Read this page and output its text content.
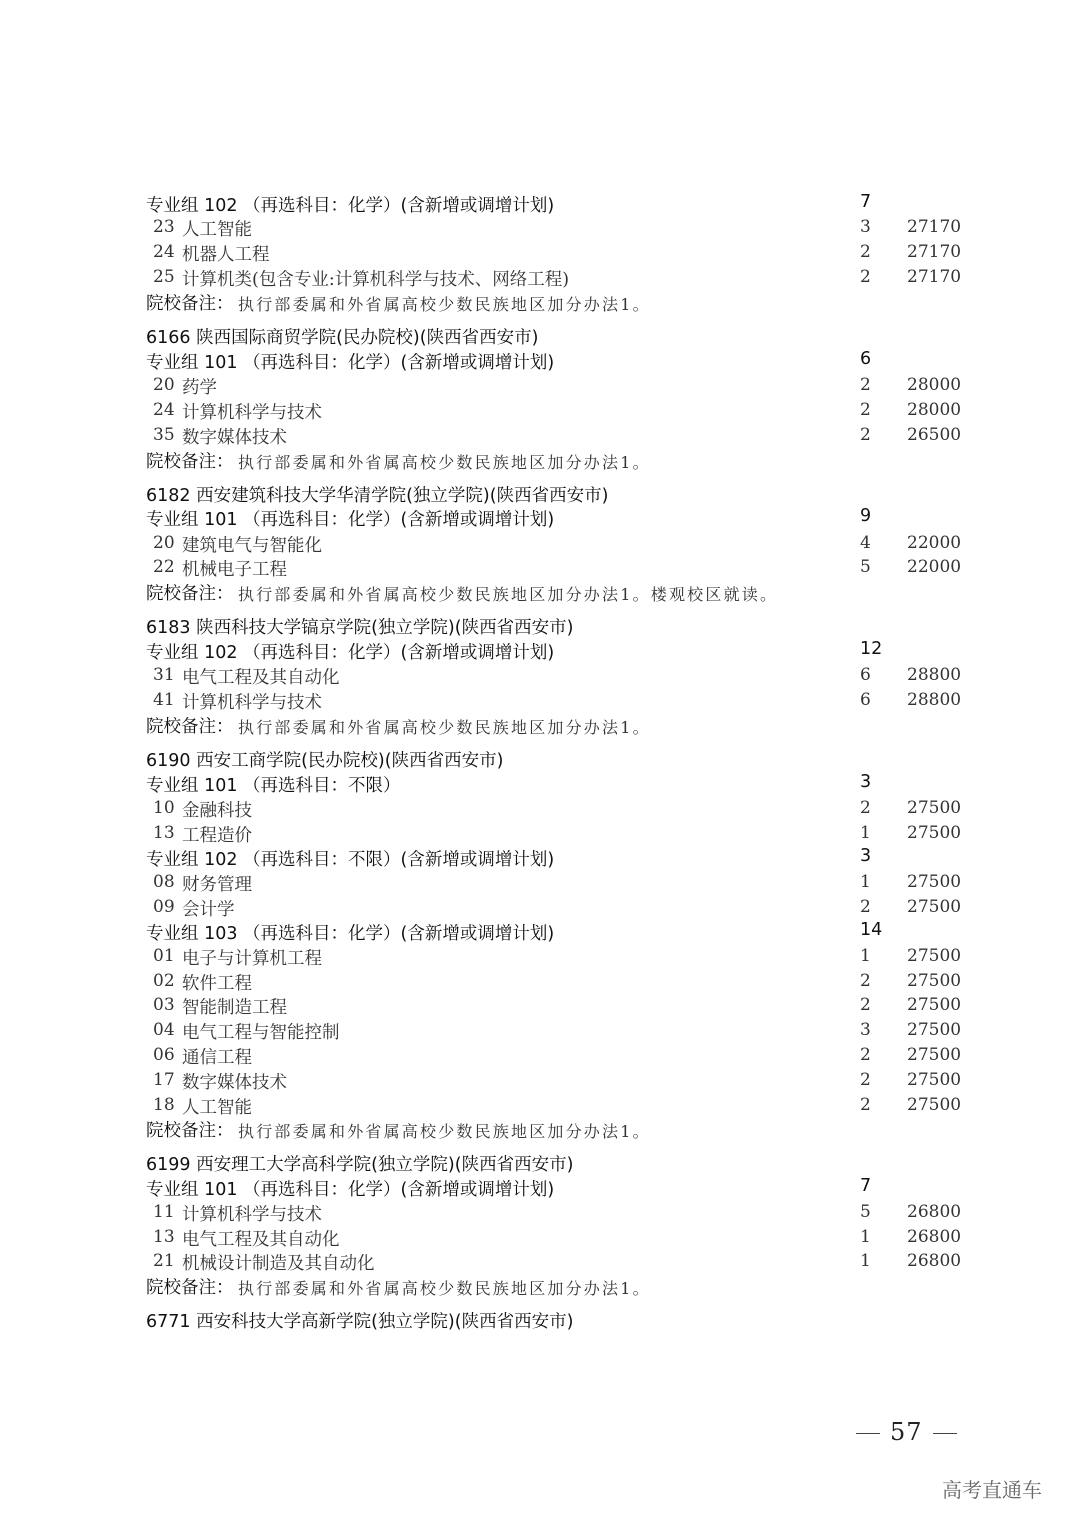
专业组 102 （再选科目：化学）(含新增或调增计划)	7
23 人工智能	3 27170
24 机器人工程	2 27170
25 计算机类(包含专业:计算机科学与技术、网络工程)	2 27170
院校备注： 执行部委属和外省属高校少数民族地区加分办法1。
6166 陕西国际商贸学院(民办院校)(陕西省西安市)
专业组 101 （再选科目：化学）(含新增或调增计划)	6
20 药学	2 28000
24 计算机科学与技术	2 28000
35 数字媒体技术	2 26500
院校备注： 执行部委属和外省属高校少数民族地区加分办法1。
6182 西安建筑科技大学华清学院(独立学院)(陕西省西安市)
专业组 101 （再选科目：化学）(含新增或调增计划)	9
20 建筑电气与智能化	4 22000
22 机械电子工程	5 22000
院校备注： 执行部委属和外省属高校少数民族地区加分办法1。楼观校区就读。
6183 陕西科技大学镐京学院(独立学院)(陕西省西安市)
专业组 102 （再选科目：化学）(含新增或调增计划)	12
31 电气工程及其自动化	6 28800
41 计算机科学与技术	6 28800
院校备注： 执行部委属和外省属高校少数民族地区加分办法1。
6190 西安工商学院(民办院校)(陕西省西安市)
专业组 101 （再选科目：不限）	3
10 金融科技	2 27500
13 工程造价	1 27500
专业组 102 （再选科目：不限）(含新增或调增计划)	3
08 财务管理	1 27500
09 会计学	2 27500
专业组 103 （再选科目：化学）(含新增或调增计划)	14
01 电子与计算机工程	1 27500
02 软件工程	2 27500
03 智能制造工程	2 27500
04 电气工程与智能控制	3 27500
06 通信工程	2 27500
17 数字媒体技术	2 27500
18 人工智能	2 27500
院校备注： 执行部委属和外省属高校少数民族地区加分办法1。
6199 西安理工大学高科学院(独立学院)(陕西省西安市)
专业组 101 （再选科目：化学）(含新增或调增计划)	7
11 计算机科学与技术	5 26800
13 电气工程及其自动化	1 26800
21 机械设计制造及其自动化	1 26800
院校备注： 执行部委属和外省属高校少数民族地区加分办法1。
6771 西安科技大学高新学院(独立学院)(陕西省西安市)
57
高考直通车
